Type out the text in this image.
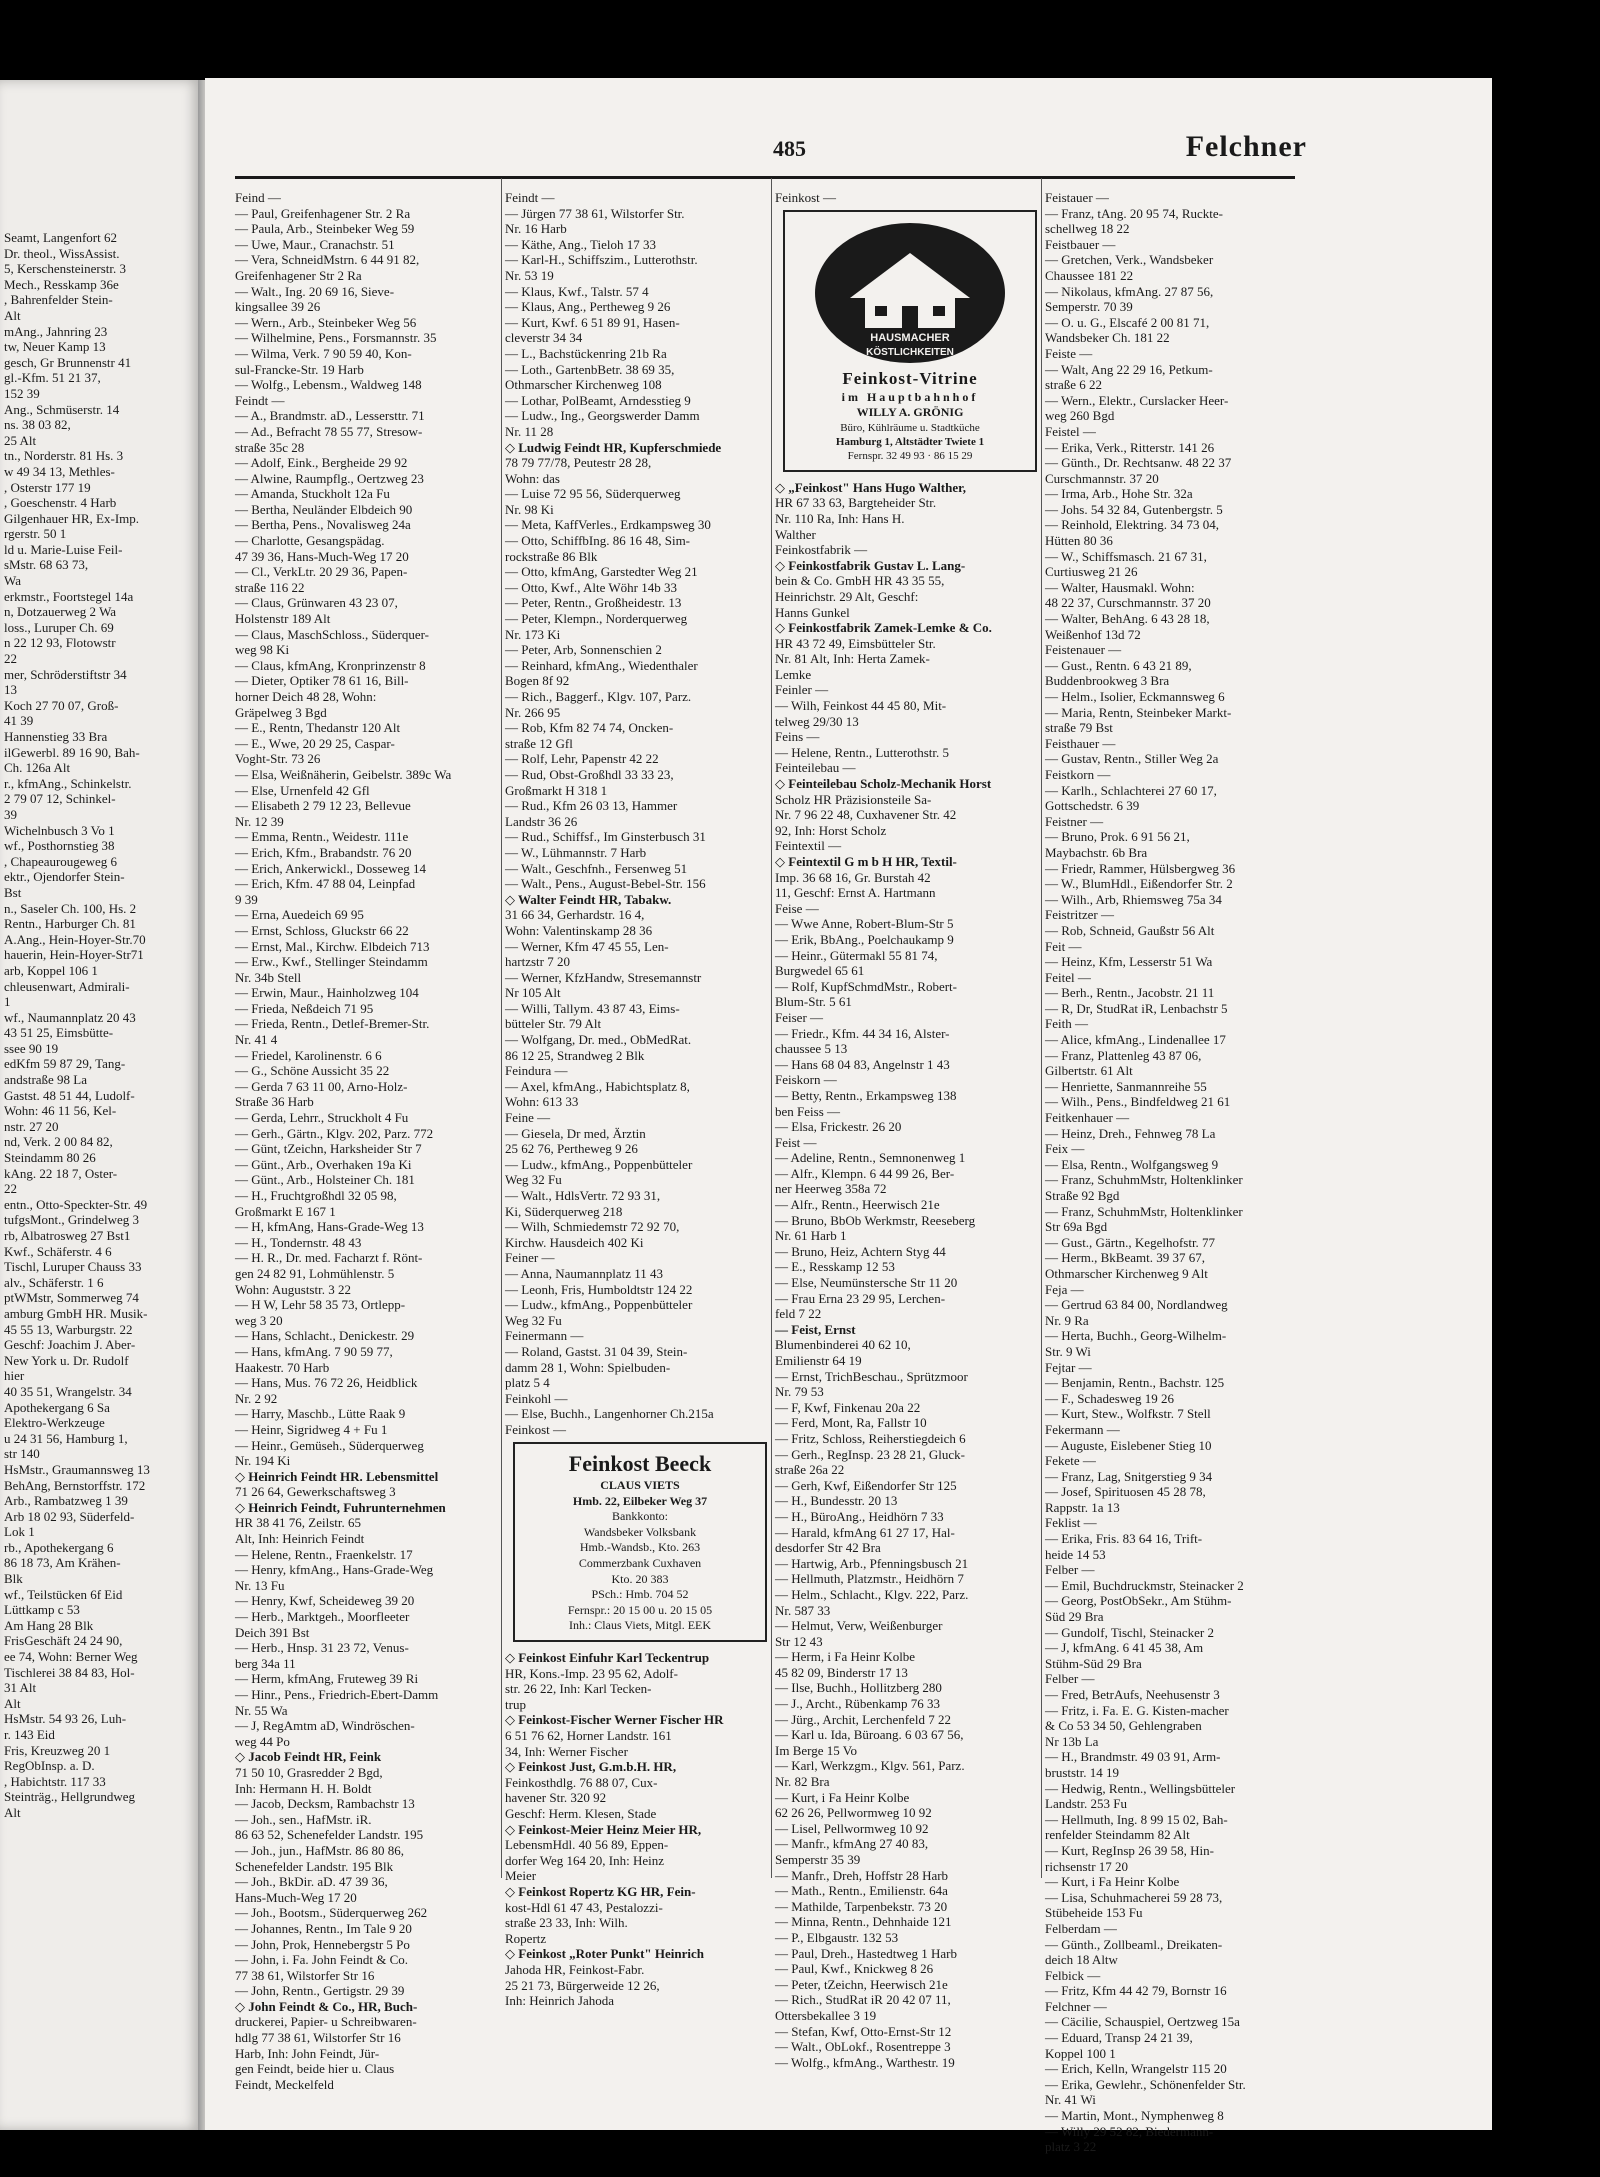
Seamt, Langenfort 62
Dr. theol., WissAssist.
5, Kerschensteinerstr. 3
Mech., Resskamp 36e
, Bahrenfelder Stein-
Alt
mAng., Jahnring 23
tw, Neuer Kamp 13
gesch, Gr Brunnenstr 41
gl.-Kfm. 51 21 37,
152 39
Ang., Schmüserstr. 14
ns. 38 03 82,
25 Alt
tn., Norderstr. 81 Hs. 3
w 49 34 13, Methles-
, Osterstr 177 19
, Goeschenstr. 4 Harb
Gilgenhauer HR, Ex-Imp.
rgerstr. 50 1
ld u. Marie-Luise Feil-
sMstr. 68 63 73,
Wa
erkmstr., Foortstegel 14a
n, Dotzauerweg 2 Wa
loss., Luruper Ch. 69
n 22 12 93, Flotowstr
22
mer, Schröderstiftstr 34
13
Koch 27 70 07, Groß-
41 39
Hannenstieg 33 Bra
ilGewerbl. 89 16 90, Bah-
Ch. 126a Alt
r., kfmAng., Schinkelstr.
2 79 07 12, Schinkel-
39
Wichelnbusch 3 Vo 1
wf., Posthornstieg 38
, Chapeaurougeweg 6
ektr., Ojendorfer Stein-
Bst
n., Saseler Ch. 100, Hs. 2
Rentn., Harburger Ch. 81
A.Ang., Hein-Hoyer-Str.70
hauerin, Hein-Hoyer-Str71
arb, Koppel 106 1
chleusenwart, Admirali-
1
wf., Naumannplatz 20 43
43 51 25, Eimsbütte-
ssee 90 19
edKfm 59 87 29, Tang-
andstraße 98 La
Gastst. 48 51 44, Ludolf-
Wohn: 46 11 56, Kel-
nstr. 27 20
nd, Verk. 2 00 84 82,
Steindamm 80 26
kAng. 22 18 7, Oster-
22
entn., Otto-Speckter-Str. 49
tufgsMont., Grindelweg 3
rb, Albatrosweg 27 Bst1
Kwf., Schäferstr. 4 6
Tischl, Luruper Chauss 33
alv., Schäferstr. 1 6
ptWMstr, Sommerweg 74
amburg GmbH HR. Musik-
45 55 13, Warburgstr. 22
Geschf: Joachim J. Aber-
New York u. Dr. Rudolf
hier
40 35 51, Wrangelstr. 34
Apothekergang 6 Sa
Elektro-Werkzeuge
u 24 31 56, Hamburg 1,
str 140
HsMstr., Graumannsweg 13
BehAng, Bernstorffstr. 172
Arb., Rambatzweg 1 39
Arb 18 02 93, Süderfeld-
Lok 1
rb., Apothekergang 6
86 18 73, Am Krähen-
Blk
wf., Teilstücken 6f Eid
Lüttkamp c 53
Am Hang 28 Blk
FrisGeschäft 24 24 90,
ee 74, Wohn: Berner Weg
Tischlerei 38 84 83, Hol-
31 Alt
Alt
HsMstr. 54 93 26, Luh-
r. 143 Eid
Fris, Kreuzweg 20 1
RegObInsp. a. D.
, Habichtstr. 117 33
Steinträg., Hellgrundweg
Alt
485	Felchner
Feind —
— Paul, Greifenhagener Str. 2 Ra
— Paula, Arb., Steinbeker Weg 59
— Uwe, Maur., Cranachstr. 51
— Vera, SchneidMstrn. 6 44 91 82,
Greifenhagener Str 2 Ra
— Walt., Ing. 20 69 16, Sieve-
kingsallee 39 26
— Wern., Arb., Steinbeker Weg 56
— Wilhelmine, Pens., Forsmannstr. 35
— Wilma, Verk. 7 90 59 40, Kon-
sul-Francke-Str. 19 Harb
— Wolfg., Lebensm., Waldweg 148
Feindt —
— A., Brandmstr. aD., Lessersttr. 71
— Ad., Befracht 78 55 77, Stresow-
straße 35c 28
— Adolf, Eink., Bergheide 29 92
— Alwine, Raumpflg., Oertzweg 23
— Amanda, Stuckholt 12a Fu
— Bertha, Neuländer Elbdeich 90
— Bertha, Pens., Novalisweg 24a
— Charlotte, Gesangspädag.
47 39 36, Hans-Much-Weg 17 20
— Cl., VerkLtr. 20 29 36, Papen-
straße 116 22
— Claus, Grünwaren 43 23 07,
Holstenstr 189 Alt
— Claus, MaschSchloss., Süderquer-
weg 98 Ki
— Claus, kfmAng, Kronprinzenstr 8
— Dieter, Optiker 78 61 16, Bill-
horner Deich 48 28, Wohn:
Gräpelweg 3 Bgd
— E., Rentn, Thedanstr 120 Alt
— E., Wwe, 20 29 25, Caspar-
Voght-Str. 73 26
— Elsa, Weißnäherin, Geibelstr. 389c Wa
— Else, Urnenfeld 42 Gfl
— Elisabeth 2 79 12 23, Bellevue
Nr. 12 39
— Emma, Rentn., Weidestr. 111e
— Erich, Kfm., Brabandstr. 76 20
— Erich, Ankerwickl., Dosseweg 14
— Erich, Kfm. 47 88 04, Leinpfad
9 39
— Erna, Auedeich 69 95
— Ernst, Schloss, Gluckstr 66 22
— Ernst, Mal., Kirchw. Elbdeich 713
— Erw., Kwf., Stellinger Steindamm
Nr. 34b Stell
— Erwin, Maur., Hainholzweg 104
— Frieda, Neßdeich 71 95
— Frieda, Rentn., Detlef-Bremer-Str.
Nr. 41 4
— Friedel, Karolinenstr. 6 6
— G., Schöne Aussicht 35 22
— Gerda 7 63 11 00, Arno-Holz-
Straße 36 Harb
— Gerda, Lehrr., Struckholt 4 Fu
— Gerh., Gärtn., Klgv. 202, Parz. 772
— Günt, tZeichn, Harksheider Str 7
— Günt., Arb., Overhaken 19a Ki
— Günt., Arb., Holsteiner Ch. 181
— H., Fruchtgroßhdl 32 05 98,
Großmarkt E 167 1
— H, kfmAng, Hans-Grade-Weg 13
— H., Tondernstr. 48 43
— H. R., Dr. med. Facharzt f. Rönt-
gen 24 82 91, Lohmühlenstr. 5
Wohn: Auguststr. 3 22
— H W, Lehr 58 35 73, Ortlepp-
weg 3 20
— Hans, Schlacht., Denickestr. 29
— Hans, kfmAng. 7 90 59 77,
Haakestr. 70 Harb
— Hans, Mus. 76 72 26, Heidblick
Nr. 2 92
— Harry, Maschb., Lütte Raak 9
— Heinr, Sigridweg 4 + Fu 1
— Heinr., Gemüseh., Süderquerweg
Nr. 194 Ki
◇ Heinrich Feindt HR. Lebensmittel
71 26 64, Gewerkschaftsweg 3
◇ Heinrich Feindt, Fuhrunternehmen
HR 38 41 76, Zeilstr. 65
Alt, Inh: Heinrich Feindt
— Helene, Rentn., Fraenkelstr. 17
— Henry, kfmAng., Hans-Grade-Weg
Nr. 13 Fu
— Henry, Kwf, Scheideweg 39 20
— Herb., Marktgeh., Moorfleeter
Deich 391 Bst
— Herb., Hnsp. 31 23 72, Venus-
berg 34a 11
— Herm, kfmAng, Fruteweg 39 Ri
— Hinr., Pens., Friedrich-Ebert-Damm
Nr. 55 Wa
— J, RegAmtm aD, Windröschen-
weg 44 Po
◇ Jacob Feindt HR, Feink
71 50 10, Grasredder 2 Bgd,
Inh: Hermann H. H. Boldt
— Jacob, Decksm, Rambachstr 13
— Joh., sen., HafMstr. iR.
86 63 52, Schenefelder Landstr. 195
— Joh., jun., HafMstr. 86 80 86,
Schenefelder Landstr. 195 Blk
— Joh., BkDir. aD. 47 39 36,
Hans-Much-Weg 17 20
— Joh., Bootsm., Süderquerweg 262
— Johannes, Rentn., Im Tale 9 20
— John, Prok, Hennebergstr 5 Po
— John, i. Fa. John Feindt & Co.
77 38 61, Wilstorfer Str 16
— John, Rentn., Gertigstr. 29 39
◇ John Feindt & Co., HR, Buch-
druckerei, Papier- u Schreibwaren-
hdlg 77 38 61, Wilstorfer Str 16
Harb, Inh: John Feindt, Jür-
gen Feindt, beide hier u. Claus
Feindt, Meckelfeld
Feindt —
— Jürgen 77 38 61, Wilstorfer Str.
Nr. 16 Harb
— Käthe, Ang., Tieloh 17 33
— Karl-H., Schiffszim., Lutterothstr.
Nr. 53 19
— Klaus, Kwf., Talstr. 57 4
— Klaus, Ang., Pertheweg 9 26
— Kurt, Kwf. 6 51 89 91, Hasen-
cleverstr 34 34
— L., Bachstückenring 21b Ra
— Loth., GartenbBetr. 38 69 35,
Othmarscher Kirchenweg 108
— Lothar, PolBeamt, Arndesstieg 9
— Ludw., Ing., Georgswerder Damm
Nr. 11 28
◇ Ludwig Feindt HR, Kupferschmiede
78 79 77/78, Peutestr 28 28,
Wohn: das
— Luise 72 95 56, Süderquerweg
Nr. 98 Ki
— Meta, KaffVerles., Erdkampsweg 30
— Otto, SchiffbIng. 86 16 48, Sim-
rockstraße 86 Blk
— Otto, kfmAng, Garstedter Weg 21
— Otto, Kwf., Alte Wöhr 14b 33
— Peter, Rentn., Großheidestr. 13
— Peter, Klempn., Norderquerweg
Nr. 173 Ki
— Peter, Arb, Sonnenschien 2
— Reinhard, kfmAng., Wiedenthaler
Bogen 8f 92
— Rich., Baggerf., Klgv. 107, Parz.
Nr. 266 95
— Rob, Kfm 82 74 74, Oncken-
straße 12 Gfl
— Rolf, Lehr, Papenstr 42 22
— Rud, Obst-Großhdl 33 33 23,
Großmarkt H 318 1
— Rud., Kfm 26 03 13, Hammer
Landstr 36 26
— Rud., Schiffsf., Im Ginsterbusch 31
— W., Lühmannstr. 7 Harb
— Walt., Geschfnh., Fersenweg 51
— Walt., Pens., August-Bebel-Str. 156
◇ Walter Feindt HR, Tabakw.
31 66 34, Gerhardstr. 16 4,
Wohn: Valentinskamp 28 36
— Werner, Kfm 47 45 55, Len-
hartzstr 7 20
— Werner, KfzHandw, Stresemannstr
Nr 105 Alt
— Willi, Tallym. 43 87 43, Eims-
bütteler Str. 79 Alt
— Wolfgang, Dr. med., ObMedRat.
86 12 25, Strandweg 2 Blk
Feindura —
— Axel, kfmAng., Habichtsplatz 8,
Wohn: 613 33
Feine —
— Giesela, Dr med, Ärztin
25 62 76, Pertheweg 9 26
— Ludw., kfmAng., Poppenbütteler
Weg 32 Fu
— Walt., HdlsVertr. 72 93 31,
Ki, Süderquerweg 218
— Wilh, Schmiedemstr 72 92 70,
Kirchw. Hausdeich 402 Ki
Feiner —
— Anna, Naumannplatz 11 43
— Leonh, Fris, Humboldtstr 124 22
— Ludw., kfmAng., Poppenbütteler
Weg 32 Fu
Feinermann —
— Roland, Gastst. 31 04 39, Stein-
damm 28 1, Wohn: Spielbuden-
platz 5 4
Feinkohl —
— Else, Buchh., Langenhorner Ch.215a
Feinkost —
Feinkost Beeck
CLAUS VIETS
Hmb. 22, Eilbeker Weg 37
Bankkonto:
Wandsbeker Volksbank
Hmb.-Wandsb., Kto. 263
Commerzbank Cuxhaven
Kto. 20 383
PSch.: Hmb. 704 52
Fernspr.: 20 15 00 u. 20 15 05
Inh.: Claus Viets, Mitgl. EEK
◇ Feinkost Einfuhr Karl Teckentrup
HR, Kons.-Imp. 23 95 62, Adolf-
str. 26 22, Inh: Karl Tecken-
trup
◇ Feinkost-Fischer Werner Fischer HR
6 51 76 62, Horner Landstr. 161
34, Inh: Werner Fischer
◇ Feinkost Just, G.m.b.H. HR,
Feinkosthdlg. 76 88 07, Cux-
havener Str. 320 92
Geschf: Herm. Klesen, Stade
◇ Feinkost-Meier Heinz Meier HR,
LebensmHdl. 40 56 89, Eppen-
dorfer Weg 164 20, Inh: Heinz
Meier
◇ Feinkost Ropertz KG HR, Fein-
kost-Hdl 61 47 43, Pestalozzi-
straße 23 33, Inh: Wilh.
Ropertz
◇ Feinkost „Roter Punkt" Heinrich
Jahoda HR, Feinkost-Fabr.
25 21 73, Bürgerweide 12 26,
Inh: Heinrich Jahoda
Feinkost —
HAUSMACHER
KÖSTLICHKEITEN
Feinkost-Vitrine
im Hauptbahnhof
WILLY A. GRÖNIG
Büro, Kühlräume u. Stadtküche
Hamburg 1, Altstädter Twiete 1
Fernspr. 32 49 93 · 86 15 29
◇ „Feinkost" Hans Hugo Walther,
HR 67 33 63, Bargteheider Str.
Nr. 110 Ra, Inh: Hans H.
Walther
Feinkostfabrik —
◇ Feinkostfabrik Gustav L. Lang-
bein & Co. GmbH HR 43 35 55,
Heinrichstr. 29 Alt, Geschf:
Hanns Gunkel
◇ Feinkostfabrik Zamek-Lemke & Co.
HR 43 72 49, Eimsbütteler Str.
Nr. 81 Alt, Inh: Herta Zamek-
Lemke
Feinler —
— Wilh, Feinkost 44 45 80, Mit-
telweg 29/30 13
Feins —
— Helene, Rentn., Lutterothstr. 5
Feinteilebau —
◇ Feinteilebau Scholz-Mechanik Horst
Scholz HR Präzisionsteile Sa-
Nr. 7 96 22 48, Cuxhavener Str. 42
92, Inh: Horst Scholz
Feintextil —
◇ Feintextil G m b H HR, Textil-
Imp. 36 68 16, Gr. Burstah 42
11, Geschf: Ernst A. Hartmann
Feise —
— Wwe Anne, Robert-Blum-Str 5
— Erik, BbAng., Poelchaukamp 9
— Heinr., Gütermakl 55 81 74,
Burgwedel 65 61
— Rolf, KupfSchmdMstr., Robert-
Blum-Str. 5 61
Feiser —
— Friedr., Kfm. 44 34 16, Alster-
chaussee 5 13
— Hans 68 04 83, Angelnstr 1 43
Feiskorn —
— Betty, Rentn., Erkampsweg 138
ben Feiss —
— Elsa, Frickestr. 26 20
Feist —
— Adeline, Rentn., Semnonenweg 1
— Alfr., Klempn. 6 44 99 26, Ber-
ner Heerweg 358a 72
— Alfr., Rentn., Heerwisch 21e
— Bruno, BbOb Werkmstr, Reeseberg
Nr. 61 Harb 1
— Bruno, Heiz, Achtern Styg 44
— E., Resskamp 12 53
— Else, Neumünstersche Str 11 20
— Frau Erna 23 29 95, Lerchen-
feld 7 22
— Feist, Ernst
Blumenbinderei 40 62 10,
Emilienstr 64 19
— Ernst, TrichBeschau., Sprützmoor
Nr. 79 53
— F, Kwf, Finkenau 20a 22
— Ferd, Mont, Ra, Fallstr 10
— Fritz, Schloss, Reiherstiegdeich 6
— Gerh., RegInsp. 23 28 21, Gluck-
straße 26a 22
— Gerh, Kwf, Eißendorfer Str 125
— H., Bundesstr. 20 13
— H., BüroAng., Heidhörn 7 33
— Harald, kfmAng 61 27 17, Hal-
desdorfer Str 42 Bra
— Hartwig, Arb., Pfenningsbusch 21
— Hellmuth, Platzmstr., Heidhörn 7
— Helm., Schlacht., Klgv. 222, Parz.
Nr. 587 33
— Helmut, Verw, Weißenburger
Str 12 43
— Herm, i Fa Heinr Kolbe
45 82 09, Binderstr 17 13
— Ilse, Buchh., Hollitzberg 280
— J., Archt., Rübenkamp 76 33
— Jürg., Archit, Lerchenfeld 7 22
— Karl u. Ida, Büroang. 6 03 67 56,
Im Berge 15 Vo
— Karl, Werkzgm., Klgv. 561, Parz.
Nr. 82 Bra
— Kurt, i Fa Heinr Kolbe
62 26 26, Pellwormweg 10 92
— Lisel, Pellwormweg 10 92
— Manfr., kfmAng 27 40 83,
Semperstr 35 39
— Manfr., Dreh, Hoffstr 28 Harb
— Math., Rentn., Emilienstr. 64a
— Mathilde, Tarpenbekstr. 73 20
— Minna, Rentn., Dehnhaide 121
— P., Elbgaustr. 132 53
— Paul, Dreh., Hastedtweg 1 Harb
— Paul, Kwf., Knickweg 8 26
— Peter, tZeichn, Heerwisch 21e
— Rich., StudRat iR 20 42 07 11,
Ottersbekallee 3 19
— Stefan, Kwf, Otto-Ernst-Str 12
— Walt., ObLokf., Rosentreppe 3
— Wolfg., kfmAng., Warthestr. 19
Feistauer —
— Franz, tAng. 20 95 74, Ruckte-
schellweg 18 22
Feistbauer —
— Gretchen, Verk., Wandsbeker
Chaussee 181 22
— Nikolaus, kfmAng. 27 87 56,
Semperstr. 70 39
— O. u. G., Elscafé 2 00 81 71,
Wandsbeker Ch. 181 22
Feiste —
— Walt, Ang 22 29 16, Petkum-
straße 6 22
— Wern., Elektr., Curslacker Heer-
weg 260 Bgd
Feistel —
— Erika, Verk., Ritterstr. 141 26
— Günth., Dr. Rechtsanw. 48 22 37
Curschmannstr. 37 20
— Irma, Arb., Hohe Str. 32a
— Johs. 54 32 84, Gutenbergstr. 5
— Reinhold, Elektring. 34 73 04,
Hütten 80 36
— W., Schiffsmasch. 21 67 31,
Curtiusweg 21 26
— Walter, Hausmakl. Wohn:
48 22 37, Curschmannstr. 37 20
— Walter, BehAng. 6 43 28 18,
Weißenhof 13d 72
Feistenauer —
— Gust., Rentn. 6 43 21 89,
Buddenbrookweg 3 Bra
— Helm., Isolier, Eckmannsweg 6
— Maria, Rentn, Steinbeker Markt-
straße 79 Bst
Feisthauer —
— Gustav, Rentn., Stiller Weg 2a
Feistkorn —
— Karlh., Schlachterei 27 60 17,
Gottschedstr. 6 39
Feistner —
— Bruno, Prok. 6 91 56 21,
Maybachstr. 6b Bra
— Friedr, Rammer, Hülsbergweg 36
— W., BlumHdl., Eißendorfer Str. 2
— Wilh., Arb, Rhiemsweg 75a 34
Feistritzer —
— Rob, Schneid, Gaußstr 56 Alt
Feit —
— Heinz, Kfm, Lesserstr 51 Wa
Feitel —
— Berh., Rentn., Jacobstr. 21 11
— R, Dr, StudRat iR, Lenbachstr 5
Feith —
— Alice, kfmAng., Lindenallee 17
— Franz, Plattenleg 43 87 06,
Gilbertstr. 61 Alt
— Henriette, Sanmannreihe 55
— Wilh., Pens., Bindfeldweg 21 61
Feitkenhauer —
— Heinz, Dreh., Fehnweg 78 La
Feix —
— Elsa, Rentn., Wolfgangsweg 9
— Franz, SchuhmMstr, Holtenklinker
Straße 92 Bgd
— Franz, SchuhmMstr, Holtenklinker
Str 69a Bgd
— Gust., Gärtn., Kegelhofstr. 77
— Herm., BkBeamt. 39 37 67,
Othmarscher Kirchenweg 9 Alt
Feja —
— Gertrud 63 84 00, Nordlandweg
Nr. 9 Ra
— Herta, Buchh., Georg-Wilhelm-
Str. 9 Wi
Fejtar —
— Benjamin, Rentn., Bachstr. 125
— F., Schadesweg 19 26
— Kurt, Stew., Wolfkstr. 7 Stell
Fekermann —
— Auguste, Eislebener Stieg 10
Fekete —
— Franz, Lag, Snitgerstieg 9 34
— Josef, Spirituosen 45 28 78,
Rappstr. 1a 13
Feklist —
— Erika, Fris. 83 64 16, Trift-
heide 14 53
Felber —
— Emil, Buchdruckmstr, Steinacker 2
— Georg, PostObSekr., Am Stühm-
Süd 29 Bra
— Gundolf, Tischl, Steinacker 2
— J, kfmAng. 6 41 45 38, Am
Stühm-Süd 29 Bra
Felber —
— Fred, BetrAufs, Neehusenstr 3
— Fritz, i. Fa. E. G. Kisten-macher
& Co 53 34 50, Gehlengraben
Nr 13b La
— H., Brandmstr. 49 03 91, Arm-
bruststr. 14 19
— Hedwig, Rentn., Wellingsbütteler
Landstr. 253 Fu
— Hellmuth, Ing. 8 99 15 02, Bah-
renfelder Steindamm 82 Alt
— Kurt, RegInsp 26 39 58, Hin-
richsenstr 17 20
— Kurt, i Fa Heinr Kolbe
— Lisa, Schuhmacherei 59 28 73,
Stübeheide 153 Fu
Felberdam —
— Günth., Zollbeaml., Dreikaten-
deich 18 Altw
Felbick —
— Fritz, Kfm 44 42 79, Bornstr 16
Felchner —
— Cäcilie, Schauspiel, Oertzweg 15a
— Eduard, Transp 24 21 39,
Koppel 100 1
— Erich, Kelln, Wrangelstr 115 20
— Erika, Gewlehr., Schönenfelder Str.
Nr. 41 Wi
— Martin, Mont., Nymphenweg 8
— Willy 29 52 82, Biedermann-
platz 3 22
